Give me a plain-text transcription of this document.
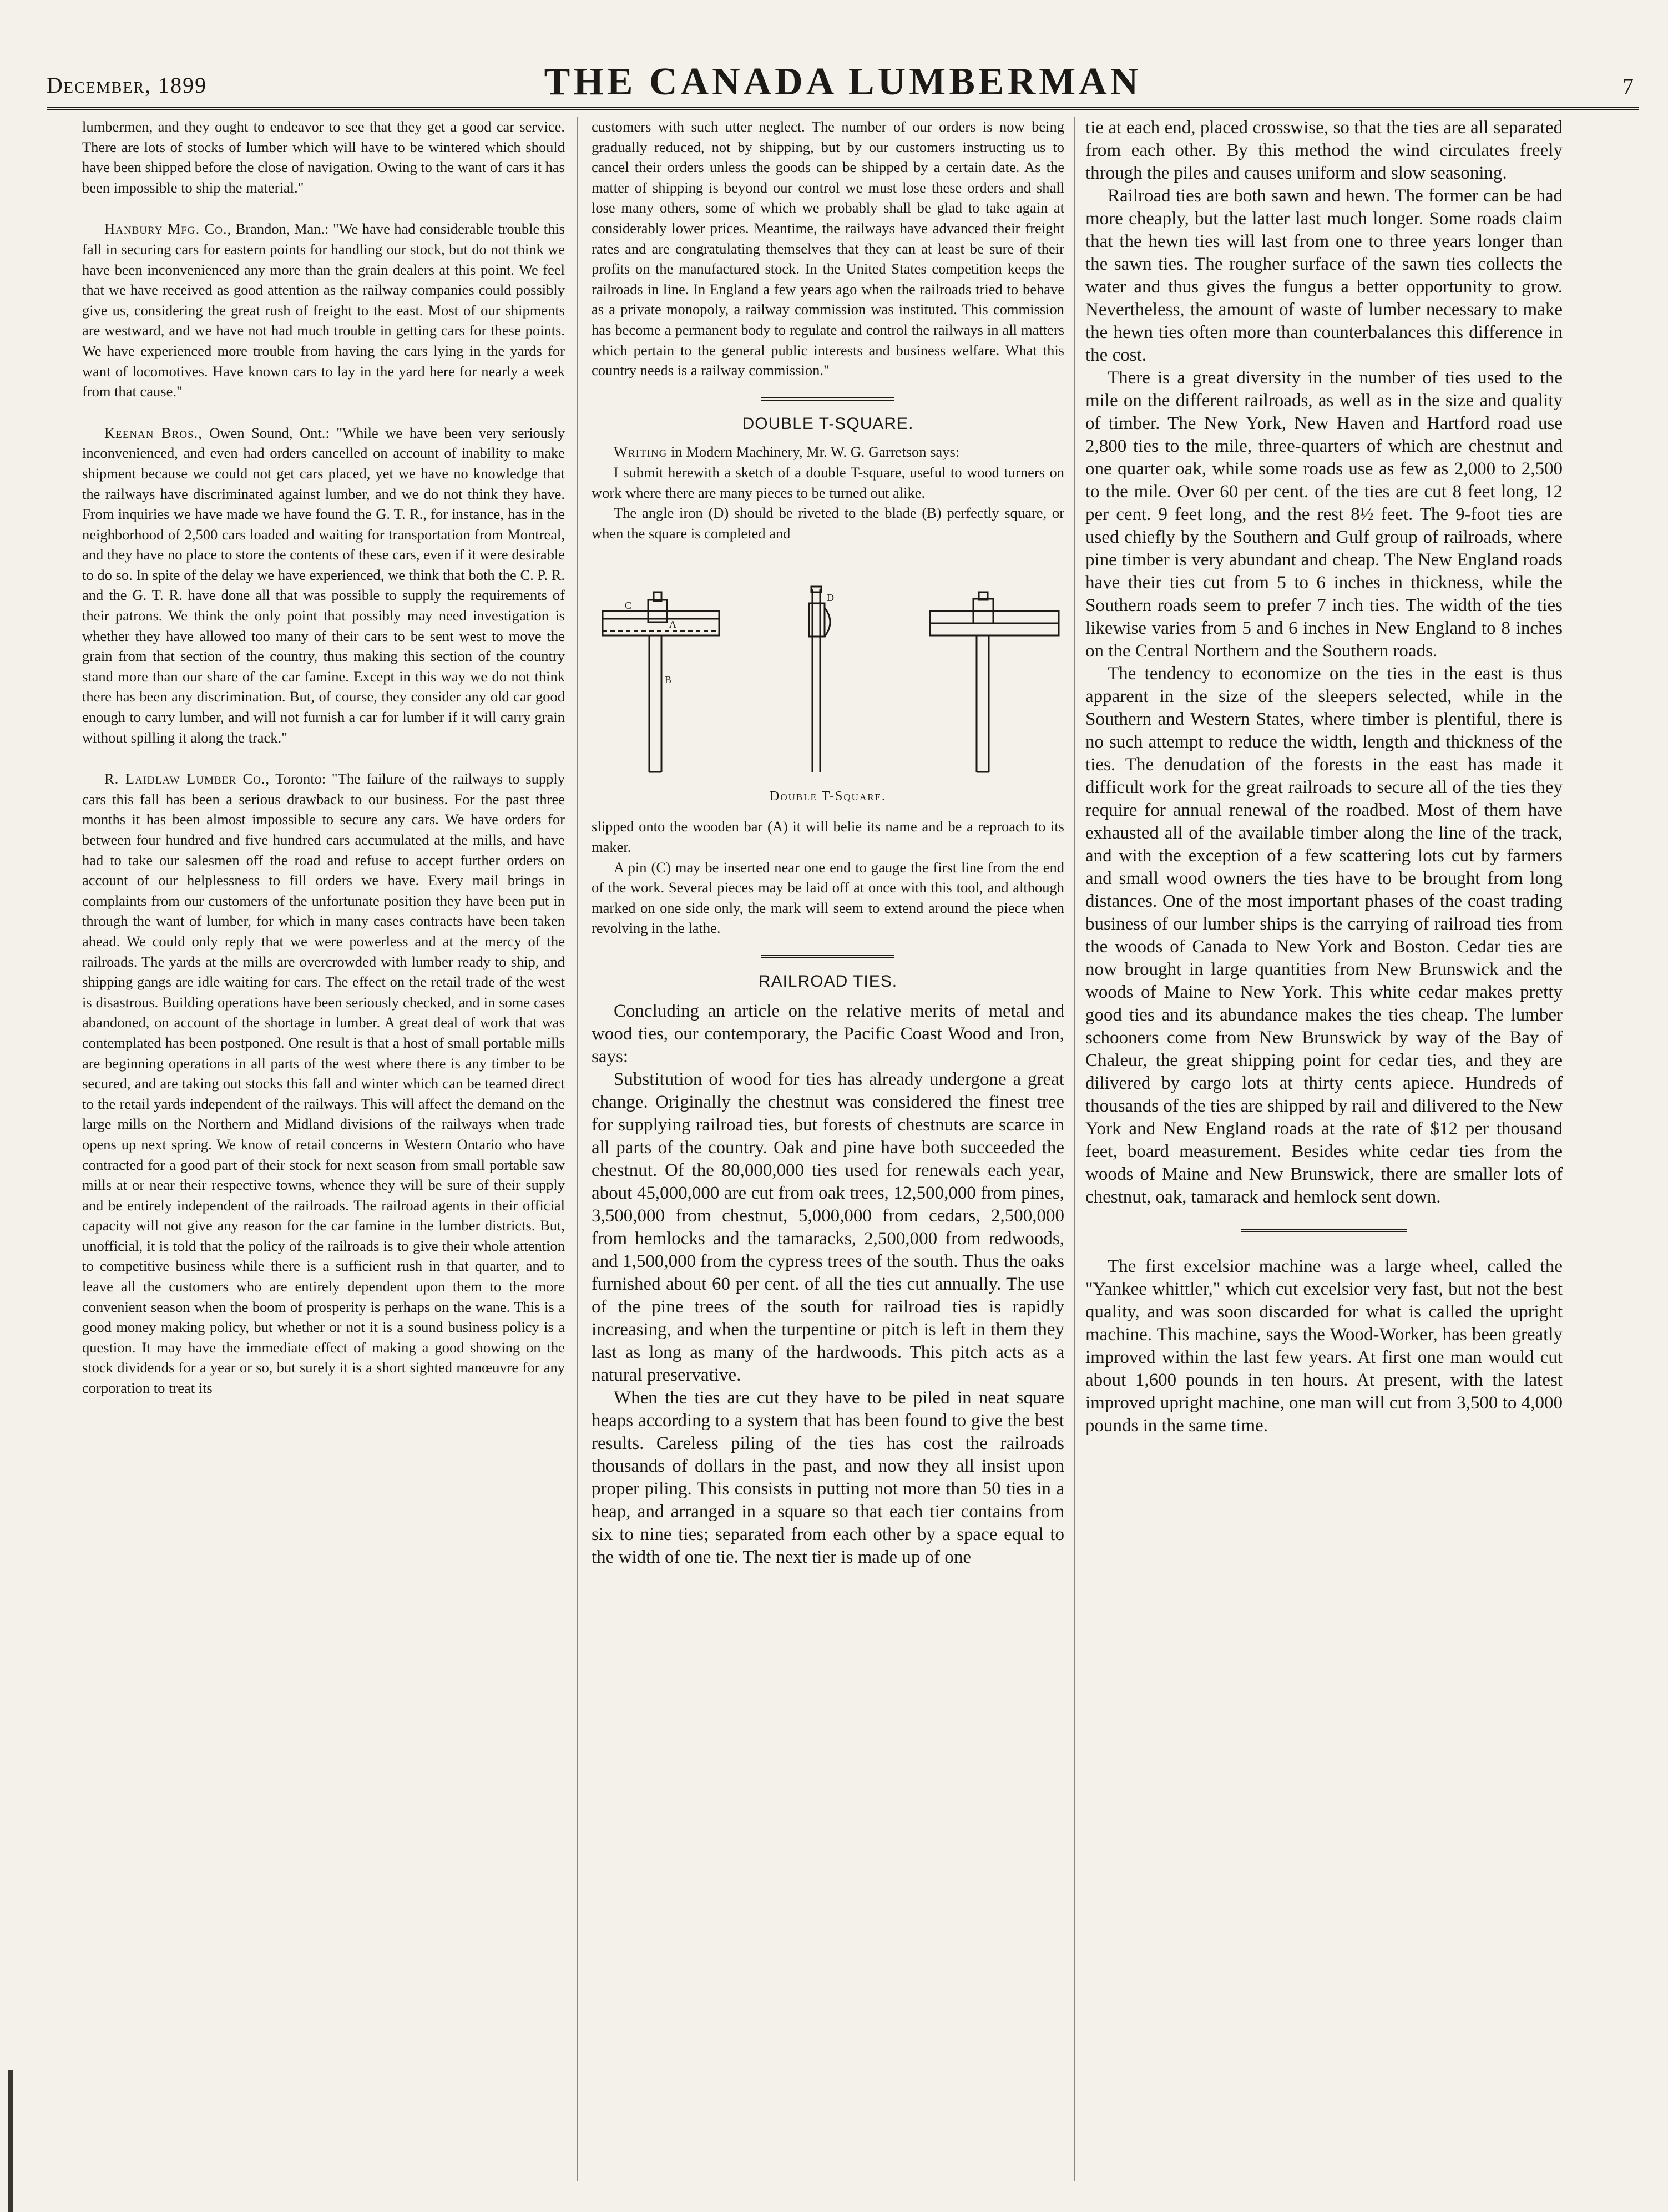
December, 1899	THE CANADA LUMBERMAN	7

lumbermen, and they ought to endeavor to see that they get a good car service. There are lots of stocks of lumber which will have to be wintered which should have been shipped before the close of navigation. Owing to the want of cars it has been impossible to ship the material."

Hanbury Mfg. Co., Brandon, Man.: "We have had considerable trouble this fall in securing cars for eastern points for handling our stock, but do not think we have been inconvenienced any more than the grain dealers at this point. We feel that we have received as good attention as the railway companies could possibly give us, considering the great rush of freight to the east. Most of our shipments are westward, and we have not had much trouble in getting cars for these points. We have experienced more trouble from having the cars lying in the yards for want of locomotives. Have known cars to lay in the yard here for nearly a week from that cause."

Keenan Bros., Owen Sound, Ont.: "While we have been very seriously inconvenienced, and even had orders cancelled on account of inability to make shipment because we could not get cars placed, yet we have no knowledge that the railways have discriminated against lumber, and we do not think they have. From inquiries we have made we have found the G. T. R., for instance, has in the neighborhood of 2,500 cars loaded and waiting for transportation from Montreal, and they have no place to store the contents of these cars, even if it were desirable to do so. In spite of the delay we have experienced, we think that both the C. P. R. and the G. T. R. have done all that was possible to supply the requirements of their patrons. We think the only point that possibly may need investigation is whether they have allowed too many of their cars to be sent west to move the grain from that section of the country, thus making this section of the country stand more than our share of the car famine. Except in this way we do not think there has been any discrimination. But, of course, they consider any old car good enough to carry lumber, and will not furnish a car for lumber if it will carry grain without spilling it along the track."

R. Laidlaw Lumber Co., Toronto: "The failure of the railways to supply cars this fall has been a serious drawback to our business. For the past three months it has been almost impossible to secure any cars. We have orders for between four hundred and five hundred cars accumulated at the mills, and have had to take our salesmen off the road and refuse to accept further orders on account of our helplessness to fill orders we have. Every mail brings in complaints from our customers of the unfortunate position they have been put in through the want of lumber, for which in many cases contracts have been taken ahead. We could only reply that we were powerless and at the mercy of the railroads. The yards at the mills are overcrowded with lumber ready to ship, and shipping gangs are idle waiting for cars. The effect on the retail trade of the west is disastrous. Building operations have been seriously checked, and in some cases abandoned, on account of the shortage in lumber. A great deal of work that was contemplated has been postponed. One result is that a host of small portable mills are beginning operations in all parts of the west where there is any timber to be secured, and are taking out stocks this fall and winter which can be teamed direct to the retail yards independent of the railways. This will affect the demand on the large mills on the Northern and Midland divisions of the railways when trade opens up next spring. We know of retail concerns in Western Ontario who have contracted for a good part of their stock for next season from small portable saw mills at or near their respective towns, whence they will be sure of their supply and be entirely independent of the railroads. The railroad agents in their official capacity will not give any reason for the car famine in the lumber districts. But, unofficial, it is told that the policy of the railroads is to give their whole attention to competitive business while there is a sufficient rush in that quarter, and to leave all the customers who are entirely dependent upon them to the more convenient season when the boom of prosperity is perhaps on the wane. This is a good money making policy, but whether or not it is a sound business policy is a question. It may have the immediate effect of making a good showing on the stock dividends for a year or so, but surely it is a short sighted manœuvre for any corporation to treat its

customers with such utter neglect. The number of our orders is now being gradually reduced, not by shipping, but by our customers instructing us to cancel their orders unless the goods can be shipped by a certain date. As the matter of shipping is beyond our control we must lose these orders and shall lose many others, some of which we probably shall be glad to take again at considerably lower prices. Meantime, the railways have advanced their freight rates and are congratulating themselves that they can at least be sure of their profits on the manufactured stock. In the United States competition keeps the railroads in line. In England a few years ago when the railroads tried to behave as a private monopoly, a railway commission was instituted. This commission has become a permanent body to regulate and control the railways in all matters which pertain to the general public interests and business welfare. What this country needs is a railway commission."

DOUBLE T-SQUARE.

Writing in Modern Machinery, Mr. W. G. Garretson says:

I submit herewith a sketch of a double T-square, useful to wood turners on work where there are many pieces to be turned out alike.

The angle iron (D) should be riveted to the blade (B) perfectly square, or when the square is completed and

A
B
C
D
Double T-Square.

slipped onto the wooden bar (A) it will belie its name and be a reproach to its maker.

A pin (C) may be inserted near one end to gauge the first line from the end of the work. Several pieces may be laid off at once with this tool, and although marked on one side only, the mark will seem to extend around the piece when revolving in the lathe.

RAILROAD TIES.

Concluding an article on the relative merits of metal and wood ties, our contemporary, the Pacific Coast Wood and Iron, says:

Substitution of wood for ties has already undergone a great change. Originally the chestnut was considered the finest tree for supplying railroad ties, but forests of chestnuts are scarce in all parts of the country. Oak and pine have both succeeded the chestnut. Of the 80,000,000 ties used for renewals each year, about 45,000,000 are cut from oak trees, 12,500,000 from pines, 3,500,000 from chestnut, 5,000,000 from cedars, 2,500,000 from hemlocks and the tamaracks, 2,500,000 from redwoods, and 1,500,000 from the cypress trees of the south. Thus the oaks furnished about 60 per cent. of all the ties cut annually. The use of the pine trees of the south for railroad ties is rapidly increasing, and when the turpentine or pitch is left in them they last as long as many of the hardwoods. This pitch acts as a natural preservative.

When the ties are cut they have to be piled in neat square heaps according to a system that has been found to give the best results. Careless piling of the ties has cost the railroads thousands of dollars in the past, and now they all insist upon proper piling. This consists in putting not more than 50 ties in a heap, and arranged in a square so that each tier contains from six to nine ties; separated from each other by a space equal to the width of one tie. The next tier is made up of one

tie at each end, placed crosswise, so that the ties are all separated from each other. By this method the wind circulates freely through the piles and causes uniform and slow seasoning.

Railroad ties are both sawn and hewn. The former can be had more cheaply, but the latter last much longer. Some roads claim that the hewn ties will last from one to three years longer than the sawn ties. The rougher surface of the sawn ties collects the water and thus gives the fungus a better opportunity to grow. Nevertheless, the amount of waste of lumber necessary to make the hewn ties often more than counterbalances this difference in the cost.

There is a great diversity in the number of ties used to the mile on the different railroads, as well as in the size and quality of timber. The New York, New Haven and Hartford road use 2,800 ties to the mile, three-quarters of which are chestnut and one quarter oak, while some roads use as few as 2,000 to 2,500 to the mile. Over 60 per cent. of the ties are cut 8 feet long, 12 per cent. 9 feet long, and the rest 8½ feet. The 9-foot ties are used chiefly by the Southern and Gulf group of railroads, where pine timber is very abundant and cheap. The New England roads have their ties cut from 5 to 6 inches in thickness, while the Southern roads seem to prefer 7 inch ties. The width of the ties likewise varies from 5 and 6 inches in New England to 8 inches on the Central Northern and the Southern roads.

The tendency to economize on the ties in the east is thus apparent in the size of the sleepers selected, while in the Southern and Western States, where timber is plentiful, there is no such attempt to reduce the width, length and thickness of the ties. The denudation of the forests in the east has made it difficult work for the great railroads to secure all of the ties they require for annual renewal of the roadbed. Most of them have exhausted all of the available timber along the line of the track, and with the exception of a few scattering lots cut by farmers and small wood owners the ties have to be brought from long distances. One of the most important phases of the coast trading business of our lumber ships is the carrying of railroad ties from the woods of Canada to New York and Boston. Cedar ties are now brought in large quantities from New Brunswick and the woods of Maine to New York. This white cedar makes pretty good ties and its abundance makes the ties cheap. The lumber schooners come from New Brunswick by way of the Bay of Chaleur, the great shipping point for cedar ties, and they are dilivered by cargo lots at thirty cents apiece. Hundreds of thousands of the ties are shipped by rail and dilivered to the New York and New England roads at the rate of $12 per thousand feet, board measurement. Besides white cedar ties from the woods of Maine and New Brunswick, there are smaller lots of chestnut, oak, tamarack and hemlock sent down.

The first excelsior machine was a large wheel, called the "Yankee whittler," which cut excelsior very fast, but not the best quality, and was soon discarded for what is called the upright machine. This machine, says the Wood-Worker, has been greatly improved within the last few years. At first one man would cut about 1,600 pounds in ten hours. At present, with the latest improved upright machine, one man will cut from 3,500 to 4,000 pounds in the same time.
